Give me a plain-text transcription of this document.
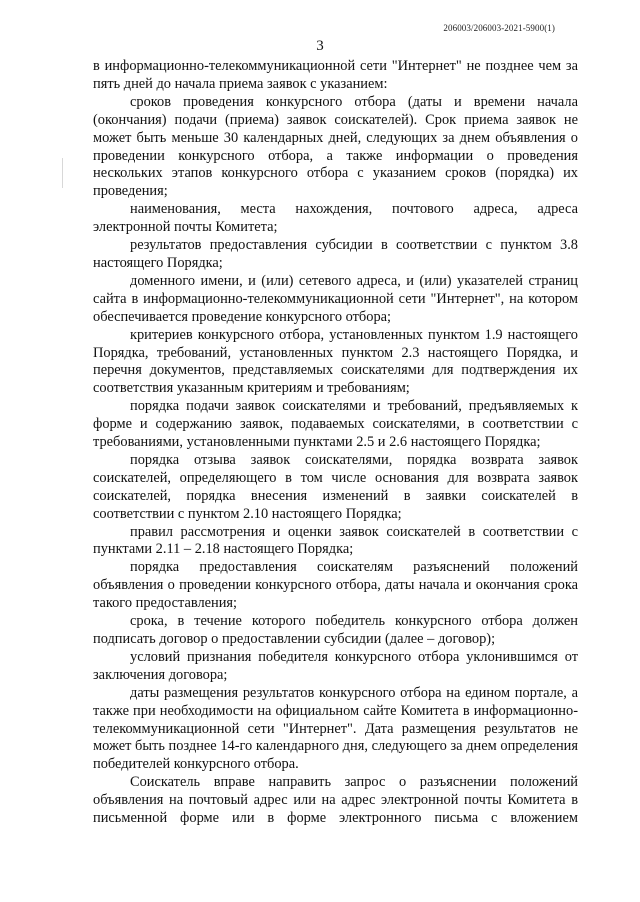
206003/206003-2021-5900(1)
3

в информационно-телекоммуникационной сети "Интернет" не позднее чем за пять дней до начала приема заявок с указанием:

сроков проведения конкурсного отбора (даты и времени начала (окончания) подачи (приема) заявок соискателей). Срок приема заявок не может быть меньше 30 календарных дней, следующих за днем объявления о проведении конкурсного отбора, а также информации о проведения нескольких этапов конкурсного отбора с указанием сроков (порядка) их проведения;

наименования, места нахождения, почтового адреса, адреса электронной почты Комитета;

результатов предоставления субсидии в соответствии с пунктом 3.8 настоящего Порядка;

доменного имени, и (или) сетевого адреса, и (или) указателей страниц сайта в информационно-телекоммуникационной сети "Интернет", на котором обеспечивается проведение конкурсного отбора;

критериев конкурсного отбора, установленных пунктом 1.9 настоящего Порядка, требований, установленных пунктом 2.3 настоящего Порядка, и перечня документов, представляемых соискателями для подтверждения их соответствия указанным критериям и требованиям;

порядка подачи заявок соискателями и требований, предъявляемых к форме и содержанию заявок, подаваемых соискателями, в соответствии с требованиями, установленными пунктами 2.5 и 2.6 настоящего Порядка;

порядка отзыва заявок соискателями, порядка возврата заявок соискателей, определяющего в том числе основания для возврата заявок соискателей, порядка внесения изменений в заявки соискателей в соответствии с пунктом 2.10 настоящего Порядка;

правил рассмотрения и оценки заявок соискателей в соответствии с пунктами 2.11 – 2.18 настоящего Порядка;

порядка предоставления соискателям разъяснений положений объявления о проведении конкурсного отбора, даты начала и окончания срока такого предоставления;

срока, в течение которого победитель конкурсного отбора должен подписать договор о предоставлении субсидии (далее – договор);

условий признания победителя конкурсного отбора уклонившимся от заключения договора;

даты размещения результатов конкурсного отбора на едином портале, а также при необходимости на официальном сайте Комитета в информационно-телекоммуникационной сети "Интернет". Дата размещения результатов не может быть позднее 14-го календарного дня, следующего за днем определения победителей конкурсного отбора.

Соискатель вправе направить запрос о разъяснении положений объявления на почтовый адрес или на адрес электронной почты Комитета в письменной форме или в форме электронного письма с вложением
